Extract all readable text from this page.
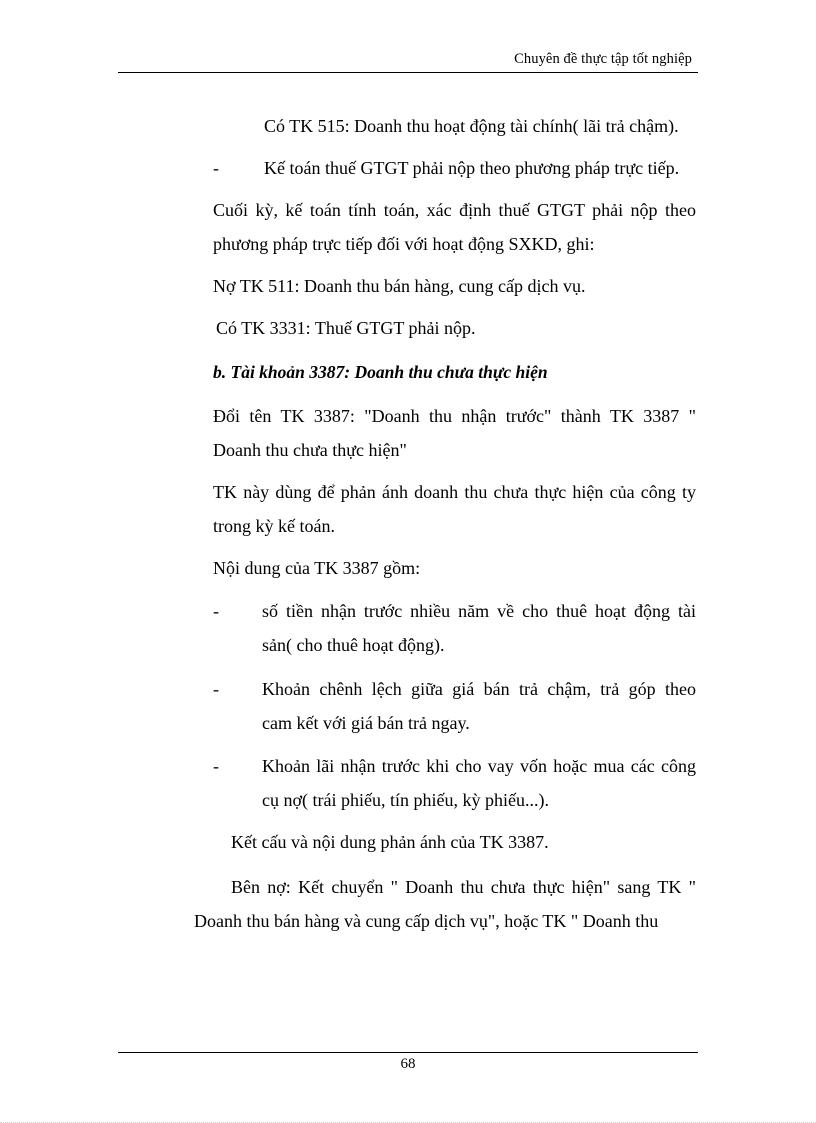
Chuyên đề thực tập tốt nghiệp
Có TK 515: Doanh thu hoạt động tài chính( lãi trả chậm).
-	Kế toán thuế GTGT phải nộp theo phương pháp trực tiếp.
Cuối kỳ, kế toán tính toán, xác định thuế GTGT phải nộp theo
phương pháp trực tiếp đối với hoạt động SXKD, ghi:
Nợ TK 511: Doanh thu bán hàng, cung cấp dịch vụ.
Có TK 3331: Thuế GTGT phải nộp.
b. Tài khoản 3387: Doanh thu chưa thực hiện
Đổi tên TK 3387: "Doanh thu nhận trước" thành TK 3387 "
Doanh thu chưa thực hiện"
TK này dùng để phản ánh doanh thu chưa thực hiện của công ty
trong kỳ kế toán.
Nội dung của TK 3387 gồm:
- số tiền nhận trước nhiều năm về cho thuê hoạt động tài
sản( cho thuê hoạt động).
- Khoản chênh lệch giữa giá bán trả chậm, trả góp theo
cam kết với giá bán trả ngay.
- Khoản lãi nhận trước khi cho vay vốn hoặc mua các công
cụ nợ( trái phiếu, tín phiếu, kỳ phiếu...).
Kết cấu và nội dung phản ánh của TK 3387.
Bên nợ: Kết chuyển " Doanh thu chưa thực hiện" sang TK "
Doanh thu bán hàng và cung cấp dịch vụ", hoặc TK " Doanh thu
68
